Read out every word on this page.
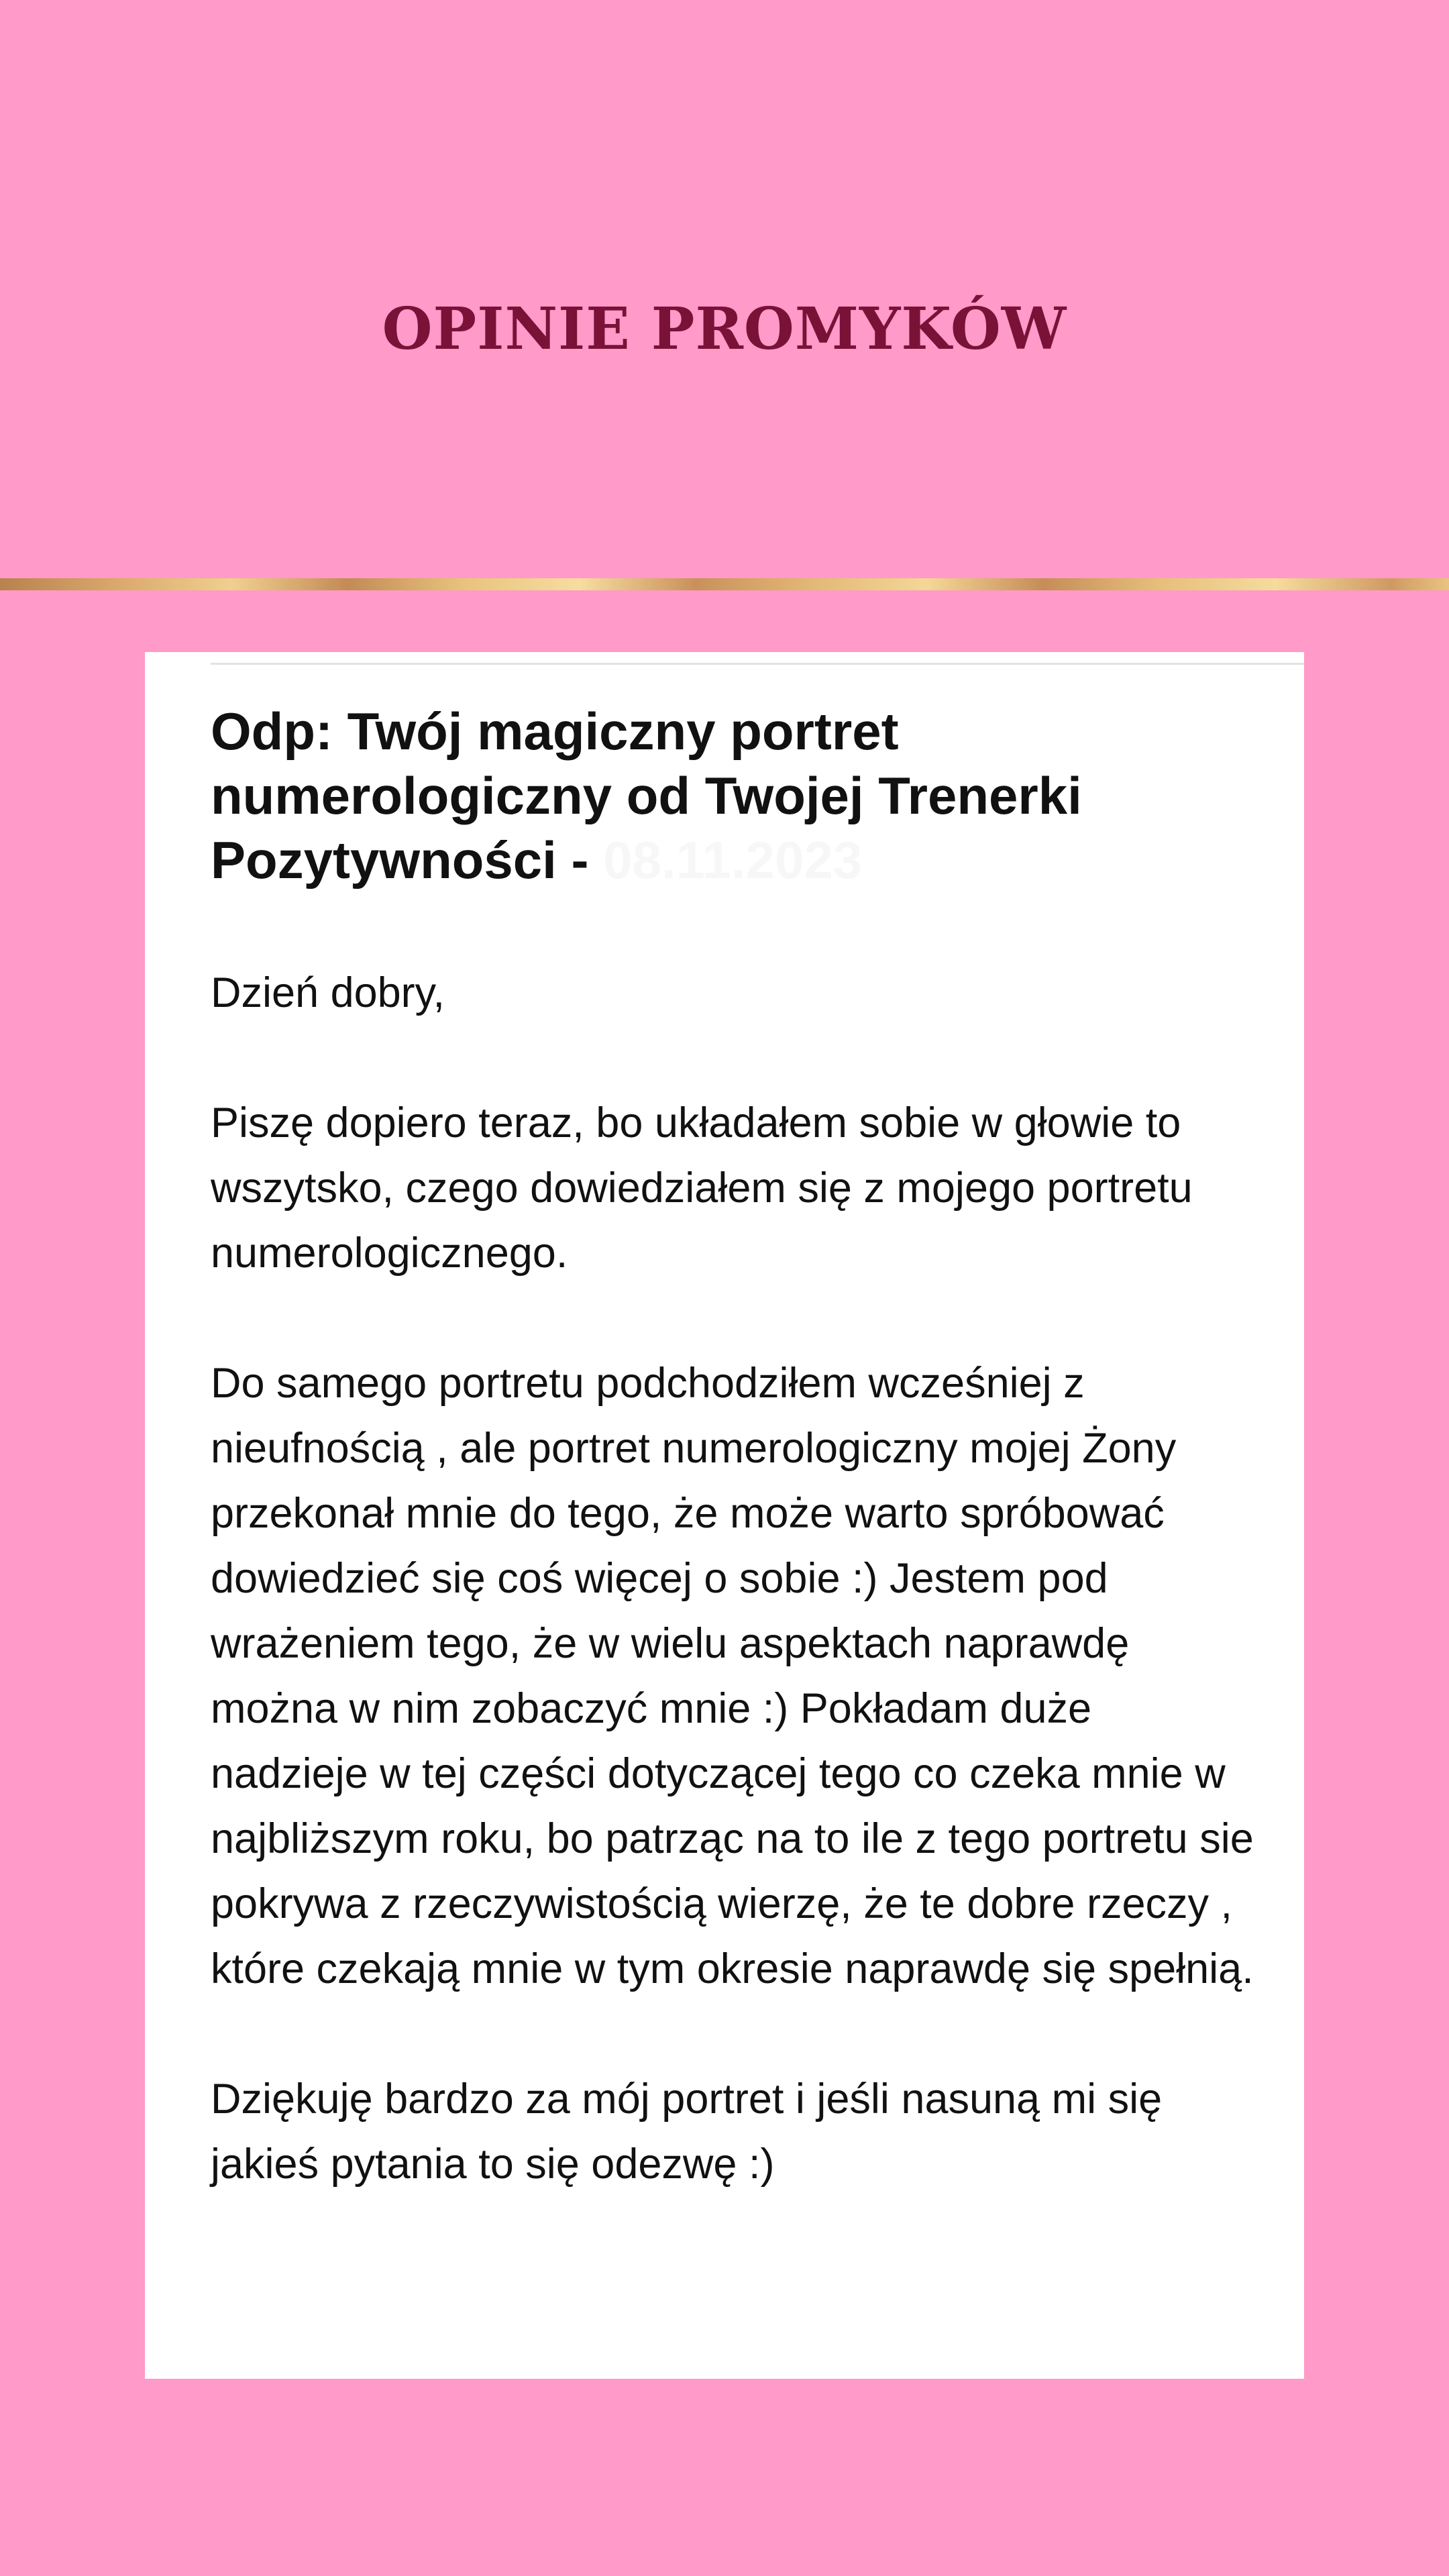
OPINIE PROMYKÓW
Odp: Twój magiczny portret numerologiczny od Twojej Trenerki Pozytywności - 08.11.2023

Dzień dobry,

Piszę dopiero teraz, bo układałem sobie w głowie to wszytsko, czego dowiedziałem się z mojego portretu numerologicznego.

Do samego portretu podchodziłem wcześniej z nieufnością , ale portret numerologiczny mojej Żony przekonał mnie do tego, że może warto spróbować dowiedzieć się coś więcej o sobie :) Jestem pod wrażeniem tego, że w wielu aspektach naprawdę można w nim zobaczyć mnie :) Pokładam duże nadzieje w tej części dotyczącej tego co czeka mnie w najbliższym roku, bo patrząc na to ile z tego portretu sie pokrywa z rzeczywistością wierzę, że te dobre rzeczy , które czekają mnie w tym okresie naprawdę się spełnią.

Dziękuję bardzo za mój portret i jeśli nasuną mi się jakieś pytania to się odezwę :)
